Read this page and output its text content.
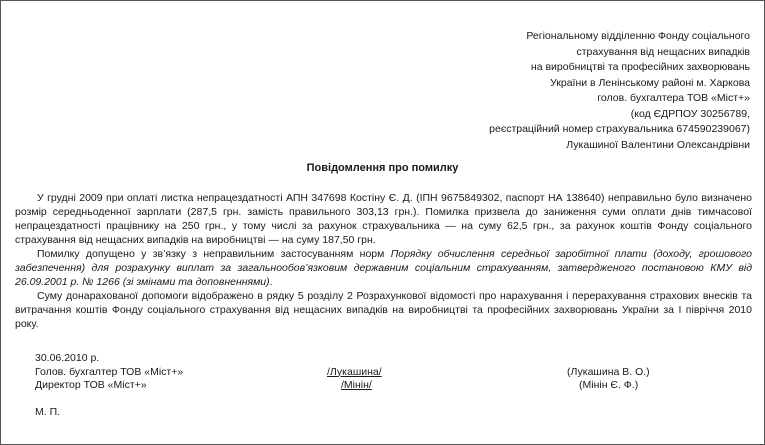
Регіональному відділенню Фонду соціального
страхування від нещасних випадків
на виробництві та професійних захворювань
України в Ленінському районі м. Харкова
голов. бухгалтера ТОВ «Міст+»
(код ЄДРПОУ 30256789,
реєстраційний номер страхувальника 674590239067)
Лукашиної Валентини Олександрівни
Повідомлення про помилку

У грудні 2009 при оплаті листка непрацездатності АПН 347698 Костіну Є. Д. (ІПН 9675849302, паспорт НА 138640) неправильно було визначено розмір середньоденної зарплати (287,5 грн. замість правильного 303,13 грн.). Помилка призвела до заниження суми оплати днів тимчасової непрацездатності працівнику на 250 грн., у тому числі за рахунок страхувальника — на суму 62,5 грн., за рахунок коштів Фонду соціального страхування від нещасних випадків на виробництві — на суму 187,50 грн.

Помилку допущено у зв’язку з неправильним застосуванням норм Порядку обчислення середньої заробітної плати (доходу, грошового забезпечення) для розрахунку виплат за загальнообов’язковим державним соціальним страхуванням, затвердженого постановою КМУ від 26.09.2001 р. № 1266 (зі змінами та доповненнями).

Суму донарахованої допомоги відображено в рядку 5 розділу 2 Розрахункової відомості про нарахування і перерахування страхових внесків та витрачання коштів Фонду соціального страхування від нещасних випадків на виробництві та професійних захворювань України за І півріччя 2010 року.

30.06.2010 р.
Голов. бухгалтер ТОВ «Міст+»	/Лукашина/	(Лукашина В. О.)
Директор ТОВ «Міст+»	/Мінін/	(Мінін Є. Ф.)
М. П.
